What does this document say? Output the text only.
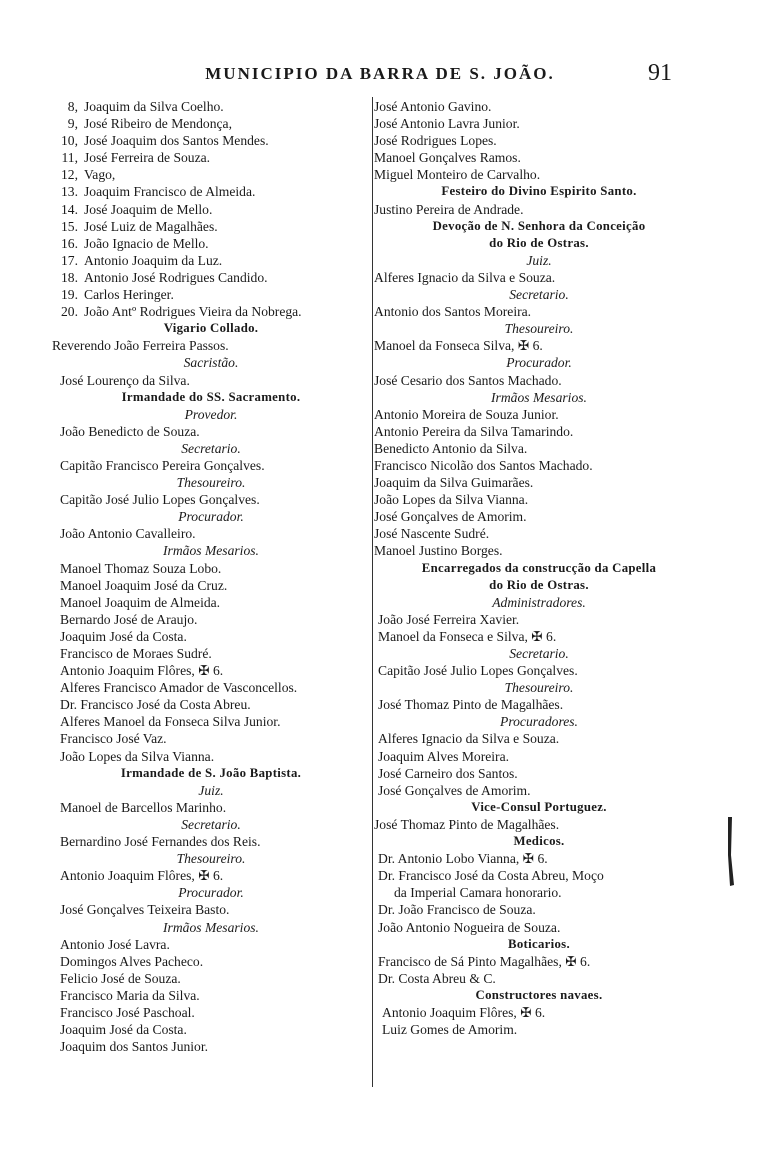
MUNICIPIO DA BARRA DE S. JOÃO.	91
8, Joaquim da Silva Coelho.
9, José Ribeiro de Mendonça,
10, José Joaquim dos Santos Mendes.
11, José Ferreira de Souza.
12, Vago,
13. Joaquim Francisco de Almeida.
14. José Joaquim de Mello.
15. José Luiz de Magalhães.
16. João Ignacio de Mello.
17. Antonio Joaquim da Luz.
18. Antonio José Rodrigues Candido.
19. Carlos Heringer.
20. João Antº Rodrigues Vieira da Nobrega.
Vigario Collado.
Reverendo João Ferreira Passos.
Sacristão.
José Lourenço da Silva.
Irmandade do SS. Sacramento.
Provedor.
João Benedicto de Souza.
Secretario.
Capitão Francisco Pereira Gonçalves.
Thesoureiro.
Capitão José Julio Lopes Gonçalves.
Procurador.
João Antonio Cavalleiro.
Irmãos Mesarios.
Manoel Thomaz Souza Lobo.
Manoel Joaquim José da Cruz.
Manoel Joaquim de Almeida.
Bernardo José de Araujo.
Joaquim José da Costa.
Francisco de Moraes Sudré.
Antonio Joaquim Flôres, ✠ 6.
Alferes Francisco Amador de Vasconcellos.
Dr. Francisco José da Costa Abreu.
Alferes Manoel da Fonseca Silva Junior.
Francisco José Vaz.
João Lopes da Silva Vianna.
Irmandade de S. João Baptista.
Juiz.
Manoel de Barcellos Marinho.
Secretario.
Bernardino José Fernandes dos Reis.
Thesoureiro.
Antonio Joaquim Flôres, ✠ 6.
Procurador.
José Gonçalves Teixeira Basto.
Irmãos Mesarios.
Antonio José Lavra.
Domingos Alves Pacheco.
Felicio José de Souza.
Francisco Maria da Silva.
Francisco José Paschoal.
Joaquim José da Costa.
Joaquim dos Santos Junior.
José Antonio Gavino.
José Antonio Lavra Junior.
José Rodrigues Lopes.
Manoel Gonçalves Ramos.
Miguel Monteiro de Carvalho.
Festeiro do Divino Espirito Santo.
Justino Pereira de Andrade.
Devoção de N. Senhora da Conceição
do Rio de Ostras.
Juiz.
Alferes Ignacio da Silva e Souza.
Secretario.
Antonio dos Santos Moreira.
Thesoureiro.
Manoel da Fonseca Silva, ✠ 6.
Procurador.
José Cesario dos Santos Machado.
Irmãos Mesarios.
Antonio Moreira de Souza Junior.
Antonio Pereira da Silva Tamarindo.
Benedicto Antonio da Silva.
Francisco Nicolão dos Santos Machado.
Joaquim da Silva Guimarães.
João Lopes da Silva Vianna.
José Gonçalves de Amorim.
José Nascente Sudré.
Manoel Justino Borges.
Encarregados da construcção da Capella
do Rio de Ostras.
Administradores.
João José Ferreira Xavier.
Manoel da Fonseca e Silva, ✠ 6.
Secretario.
Capitão José Julio Lopes Gonçalves.
Thesoureiro.
José Thomaz Pinto de Magalhães.
Procuradores.
Alferes Ignacio da Silva e Souza.
Joaquim Alves Moreira.
José Carneiro dos Santos.
José Gonçalves de Amorim.
Vice-Consul Portuguez.
José Thomaz Pinto de Magalhães.
Medicos.
Dr. Antonio Lobo Vianna, ✠ 6.
Dr. Francisco José da Costa Abreu, Moço
da Imperial Camara honorario.
Dr. João Francisco de Souza.
João Antonio Nogueira de Souza.
Boticarios.
Francisco de Sá Pinto Magalhães, ✠ 6.
Dr. Costa Abreu & C.
Constructores navaes.
Antonio Joaquim Flôres, ✠ 6.
Luiz Gomes de Amorim.
